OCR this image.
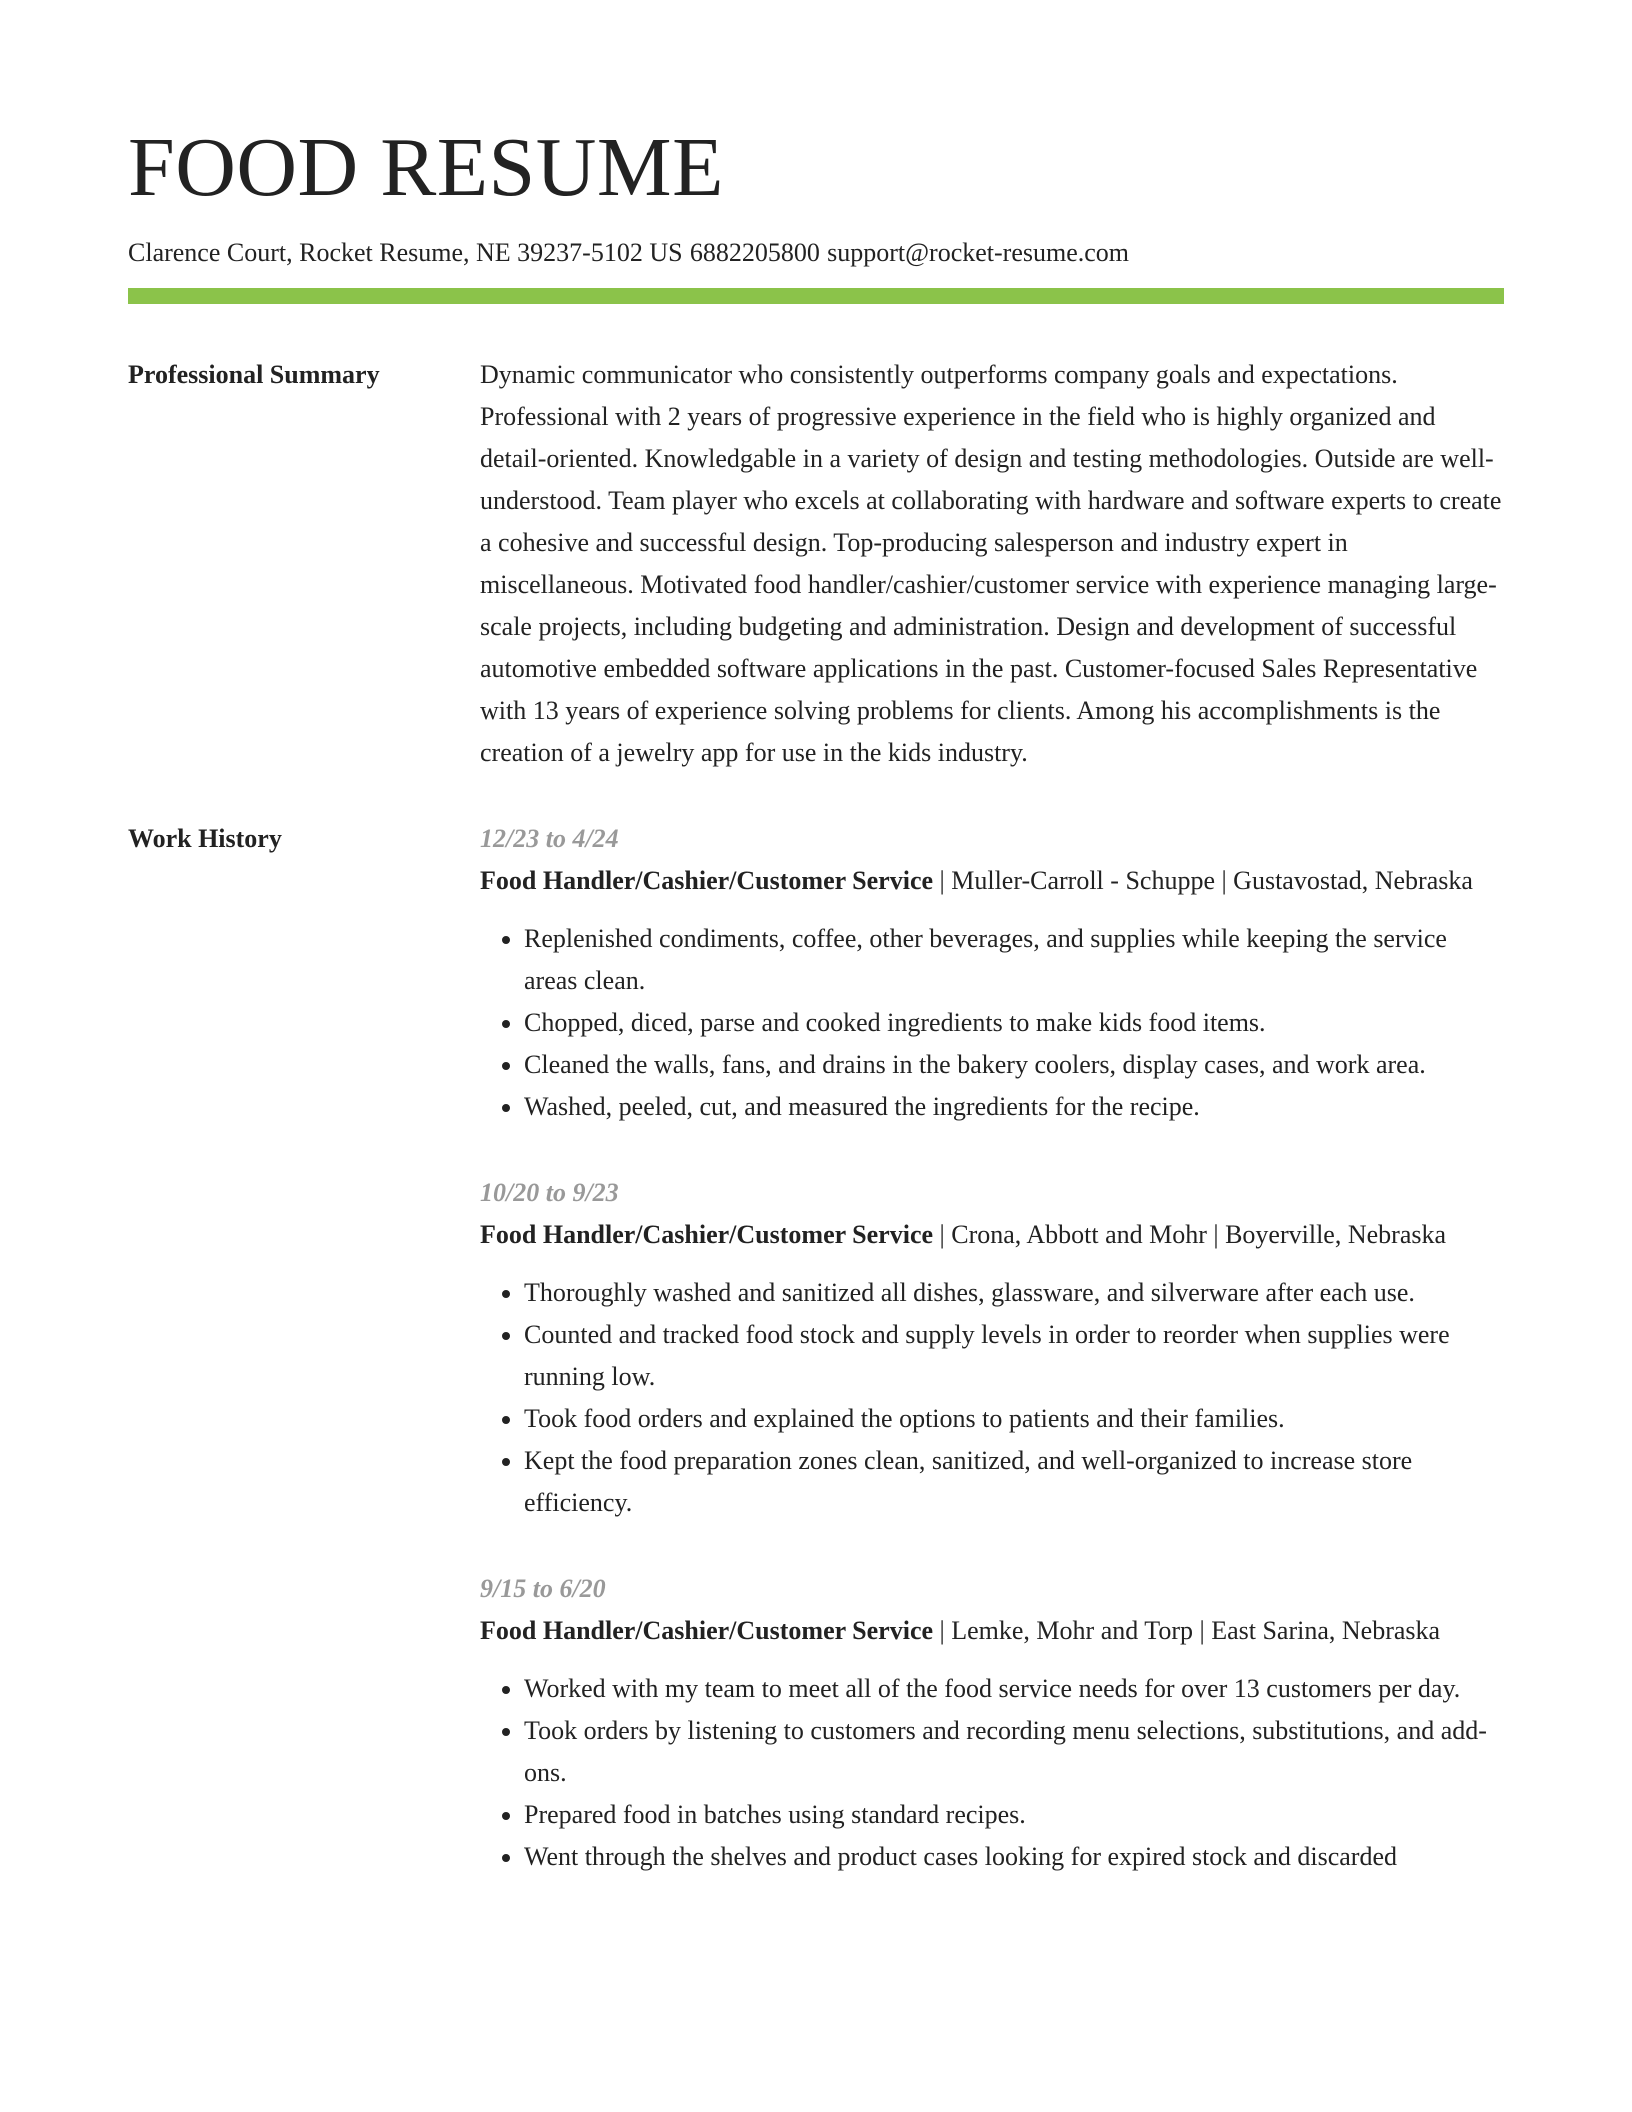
FOOD RESUME
Clarence Court, Rocket Resume, NE 39237-5102 US 6882205800 support@rocket-resume.com
Professional Summary	Dynamic communicator who consistently outperforms company goals and expectations. Professional with 2 years of progressive experience in the field who is highly organized and detail-oriented. Knowledgable in a variety of design and testing methodologies. Outside are well-understood. Team player who excels at collaborating with hardware and software experts to create a cohesive and successful design. Top-producing salesperson and industry expert in miscellaneous. Motivated food handler/cashier/customer service with experience managing large-scale projects, including budgeting and administration. Design and development of successful automotive embedded software applications in the past. Customer-focused Sales Representative with 13 years of experience solving problems for clients. Among his accomplishments is the creation of a jewelry app for use in the kids industry.

Work History	12/23 to 4/24
Food Handler/Cashier/Customer Service | Muller-Carroll - Schuppe | Gustavostad, Nebraska
• Replenished condiments, coffee, other beverages, and supplies while keeping the service areas clean.
• Chopped, diced, parse and cooked ingredients to make kids food items.
• Cleaned the walls, fans, and drains in the bakery coolers, display cases, and work area.
• Washed, peeled, cut, and measured the ingredients for the recipe.
10/20 to 9/23
Food Handler/Cashier/Customer Service | Crona, Abbott and Mohr | Boyerville, Nebraska
• Thoroughly washed and sanitized all dishes, glassware, and silverware after each use.
• Counted and tracked food stock and supply levels in order to reorder when supplies were running low.
• Took food orders and explained the options to patients and their families.
• Kept the food preparation zones clean, sanitized, and well-organized to increase store efficiency.
9/15 to 6/20
Food Handler/Cashier/Customer Service | Lemke, Mohr and Torp | East Sarina, Nebraska
• Worked with my team to meet all of the food service needs for over 13 customers per day.
• Took orders by listening to customers and recording menu selections, substitutions, and add-ons.
• Prepared food in batches using standard recipes.
• Went through the shelves and product cases looking for expired stock and discarded
